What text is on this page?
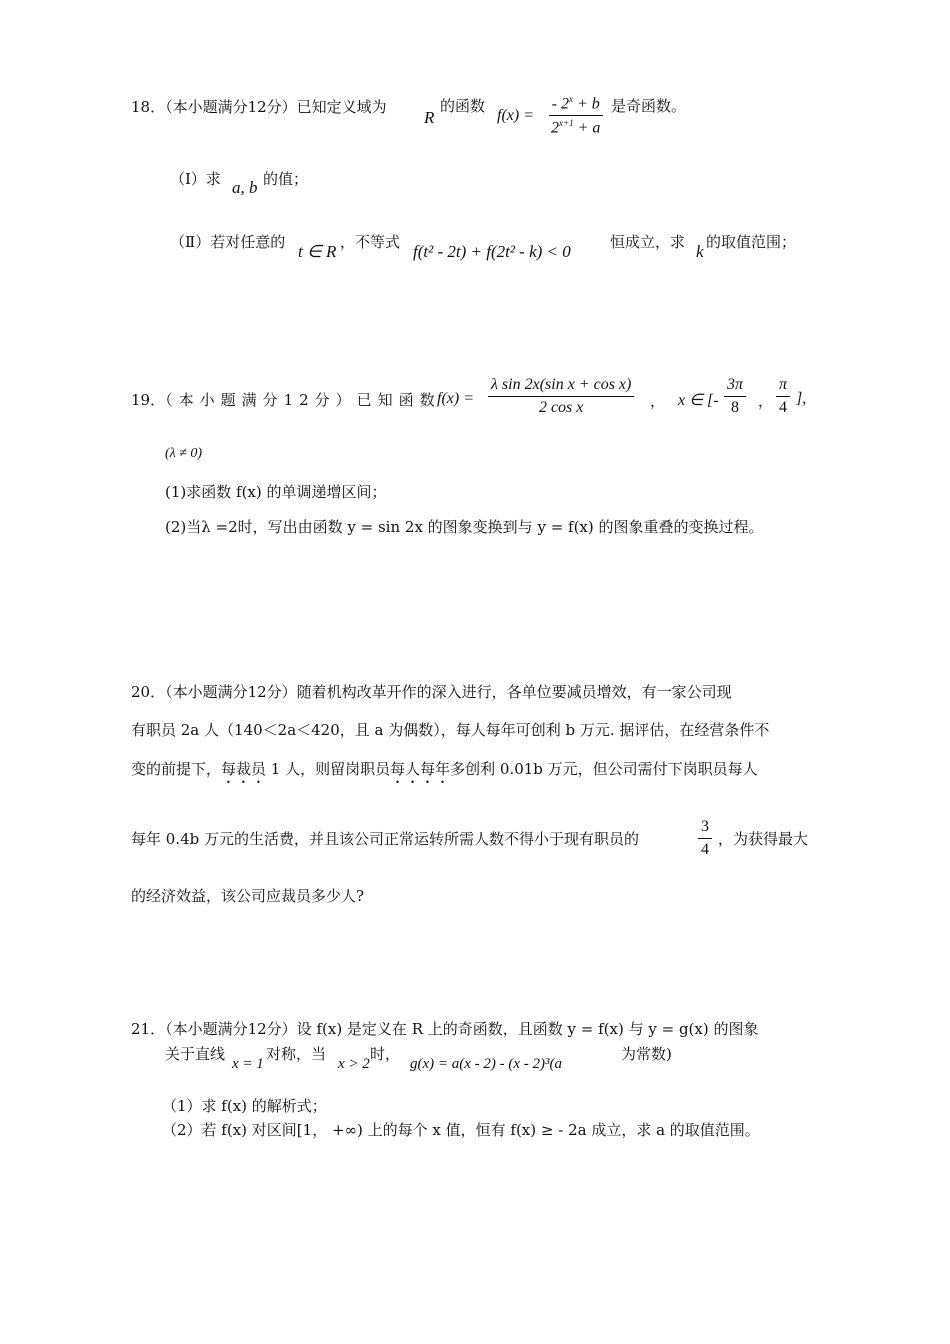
18．（本小题满分12分）已知定义域为
R
的函数
$f(x) = \frac{- 2^x + b}{2^{x+1} + a}$ 是奇函数。
（Ⅰ）求 a, b 的值；
（Ⅱ）若对任意的 t ∈ R ，不等式 f(t² - 2t) + f(2t² - k) < 0	恒成立，求 k 的取值范围；
19．（本小题满分12分）已知函数
$f(x) = \frac{\text{λ sin 2x(sin x + cos x)}}{\text{2 cos x}}$ ， x ∈ [- $\frac{3\pi}{8}$ ， $\frac{\pi}{4}$ ],
(λ ≠ 0)
(1)求函数 f(x) 的单调递增区间；
(2)当λ =2时，写出由函数 y = sin 2x 的图象变换到与 y = f(x) 的图象重叠的变换过程。
20．（本小题满分12分）随着机构改革开作的深入进行，各单位要减员增效，有一家公司现
有职员 2a 人（140＜2a＜420，且 a 为偶数），每人每年可创利 b 万元. 据评估，在经营条件不
变的前提下，每裁员 1 人，则留岗职员每人每年多创利 0.01b 万元，但公司需付下岗职员每人
每年 0.4b 万元的生活费，并且该公司正常运转所需人数不得小于现有职员的	$\frac{3}{4}$ ，为获得最大
的经济效益，该公司应裁员多少人?
21．（本小题满分12分）设 f(x) 是定义在 R 上的奇函数，且函数 y = f(x) 与 y = g(x) 的图象
关于直线
x = 1
对称，当
x > 2
时，
g(x) = a(x - 2) - (x - 2)³(a
为常数)
（1）求 f(x) 的解析式；
（2）若 f(x) 对区间[1， +∞) 上的每个 x 值，恒有 f(x) ≥ - 2a 成立，求 a 的取值范围。
